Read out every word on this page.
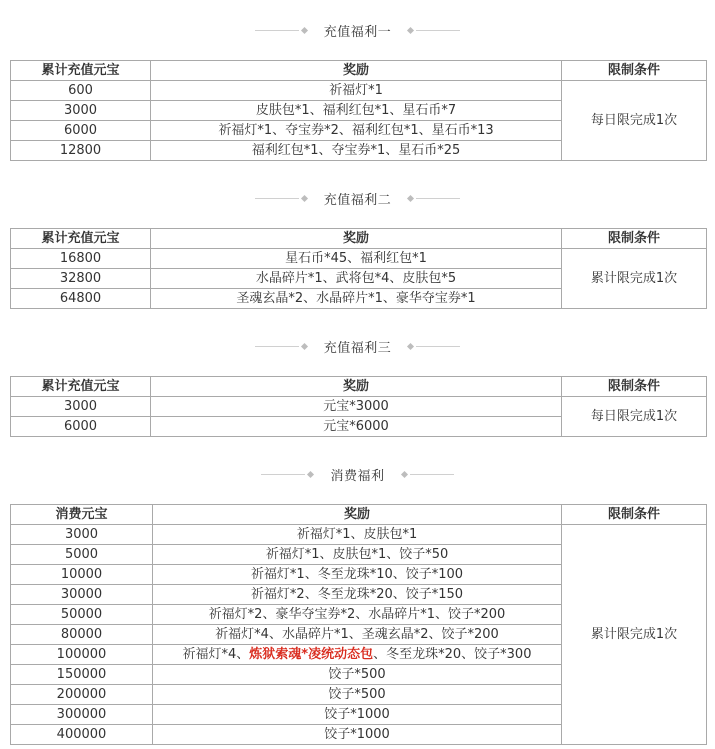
充值福利一
累计充值元宝	奖励	限制条件
600	祈福灯*1	每日限完成1次
3000	皮肤包*1、福利红包*1、星石币*7	
6000	祈福灯*1、夺宝券*2、福利红包*1、星石币*13	
12800	福利红包*1、夺宝券*1、星石币*25	
充值福利二
累计充值元宝	奖励	限制条件
16800	星石币*45、福利红包*1	累计限完成1次
32800	水晶碎片*1、武将包*4、皮肤包*5	
64800	圣魂玄晶*2、水晶碎片*1、豪华夺宝券*1	
充值福利三
累计充值元宝	奖励	限制条件
3000	元宝*3000	每日限完成1次
6000	元宝*6000	
消费福利
消费元宝	奖励	限制条件
3000	祈福灯*1、皮肤包*1	累计限完成1次
5000	祈福灯*1、皮肤包*1、饺子*50	
10000	祈福灯*1、冬至龙珠*10、饺子*100	
30000	祈福灯*2、冬至龙珠*20、饺子*150	
50000	祈福灯*2、豪华夺宝券*2、水晶碎片*1、饺子*200	
80000	祈福灯*4、水晶碎片*1、圣魂玄晶*2、饺子*200	
100000	祈福灯*4、炼狱索魂*凌统动态包、冬至龙珠*20、饺子*300	
150000	饺子*500	
200000	饺子*500	
300000	饺子*1000	
400000	饺子*1000	
